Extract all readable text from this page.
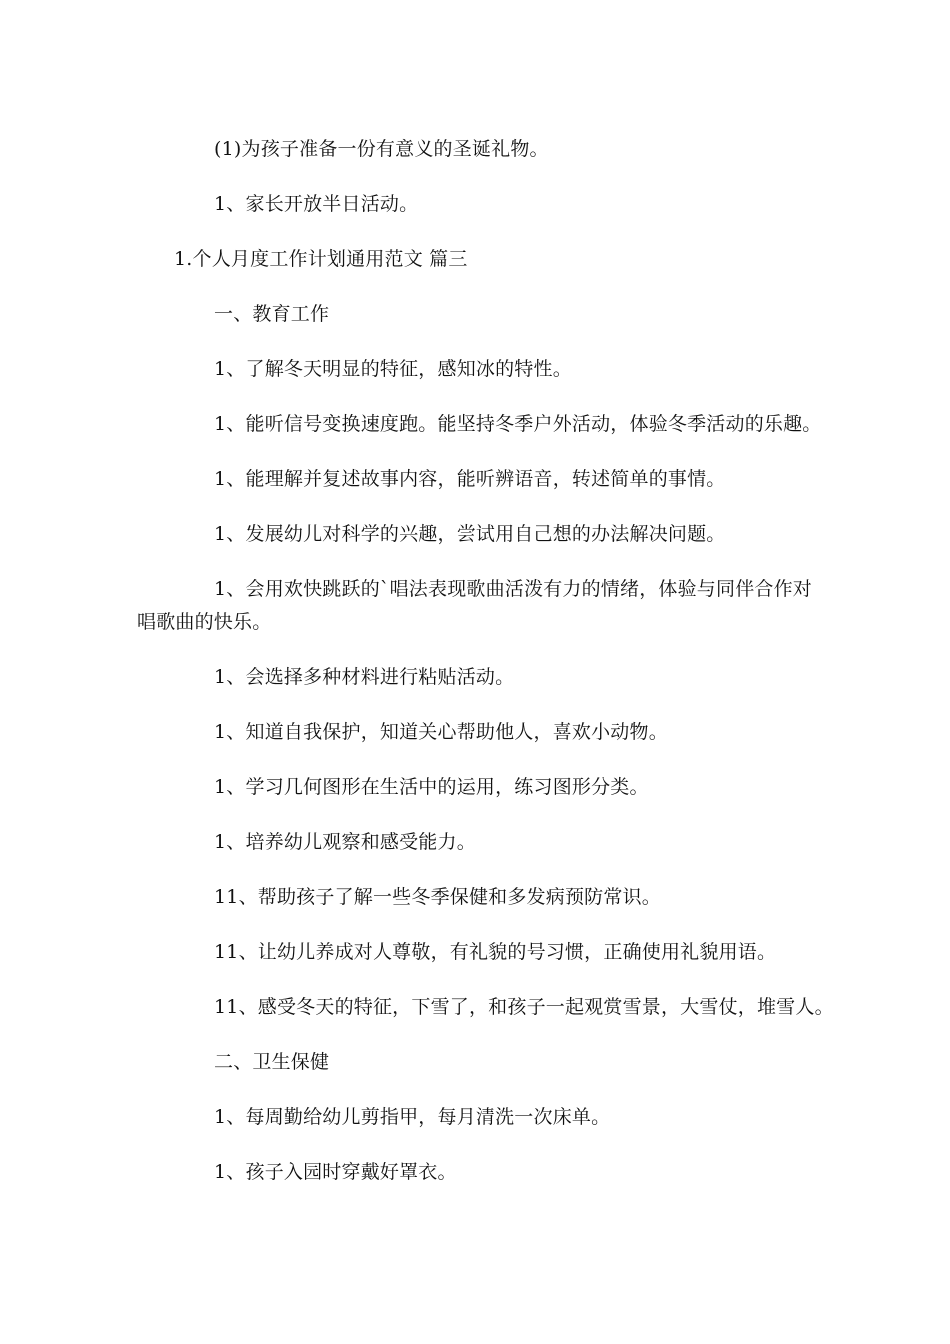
(1)为孩子准备一份有意义的圣诞礼物。
1、家长开放半日活动。
1.个人月度工作计划通用范文 篇三
一、教育工作
1、了解冬天明显的特征，感知冰的特性。
1、能听信号变换速度跑。能坚持冬季户外活动，体验冬季活动的乐趣。
1、能理解并复述故事内容，能听辨语音，转述简单的事情。
1、发展幼儿对科学的兴趣，尝试用自己想的办法解决问题。
1、会用欢快跳跃的`唱法表现歌曲活泼有力的情绪，体验与同伴合作对
唱歌曲的快乐。
1、会选择多种材料进行粘贴活动。
1、知道自我保护，知道关心帮助他人，喜欢小动物。
1、学习几何图形在生活中的运用，练习图形分类。
1、培养幼儿观察和感受能力。
11、帮助孩子了解一些冬季保健和多发病预防常识。
11、让幼儿养成对人尊敬，有礼貌的号习惯，正确使用礼貌用语。
11、感受冬天的特征，下雪了，和孩子一起观赏雪景，大雪仗，堆雪人。
二、卫生保健
1、每周勤给幼儿剪指甲，每月清洗一次床单。
1、孩子入园时穿戴好罩衣。
